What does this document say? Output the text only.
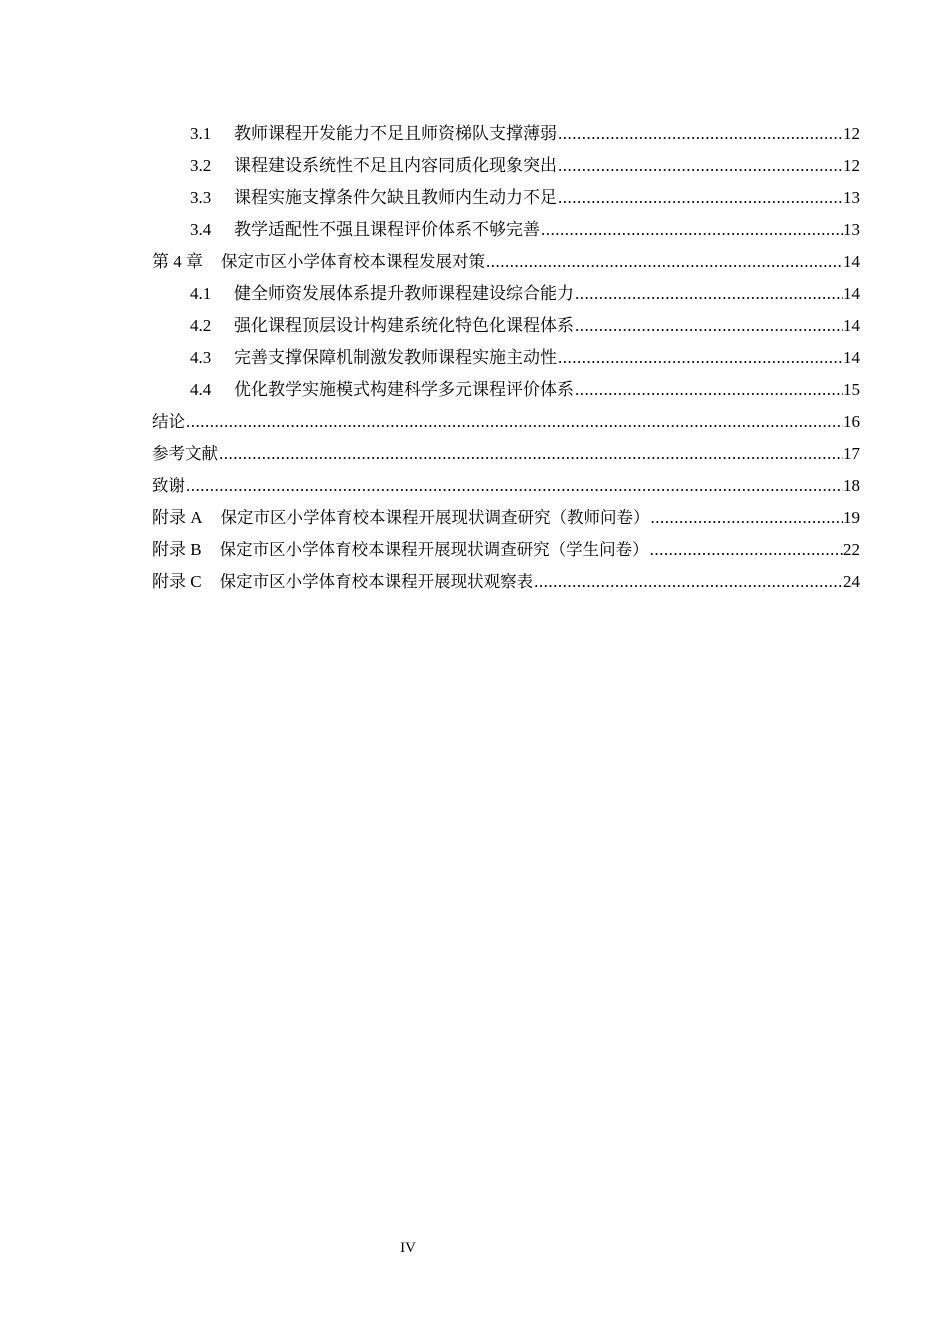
3.1	教师课程开发能力不足且师资梯队支撑薄弱 .....	12
3.2	课程建设系统性不足且内容同质化现象突出 .....	12
3.3	课程实施支撑条件欠缺且教师内生动力不足 .....	13
3.4	教学适配性不强且课程评价体系不够完善 .....	13
第 4 章 保定市区小学体育校本课程发展对策 .....	14
4.1	健全师资发展体系提升教师课程建设综合能力 .....	14
4.2	强化课程顶层设计构建系统化特色化课程体系 .....	14
4.3	完善支撑保障机制激发教师课程实施主动性 .....	14
4.4	优化教学实施模式构建科学多元课程评价体系 .....	15
结论 .....	16
参考文献 .....	17
致谢 .....	18
附录 A 保定市区小学体育校本课程开展现状调查研究（教师问卷） .....	19
附录 B 保定市区小学体育校本课程开展现状调查研究（学生问卷） .....	22
附录 C 保定市区小学体育校本课程开展现状观察表 .....	24
IV
